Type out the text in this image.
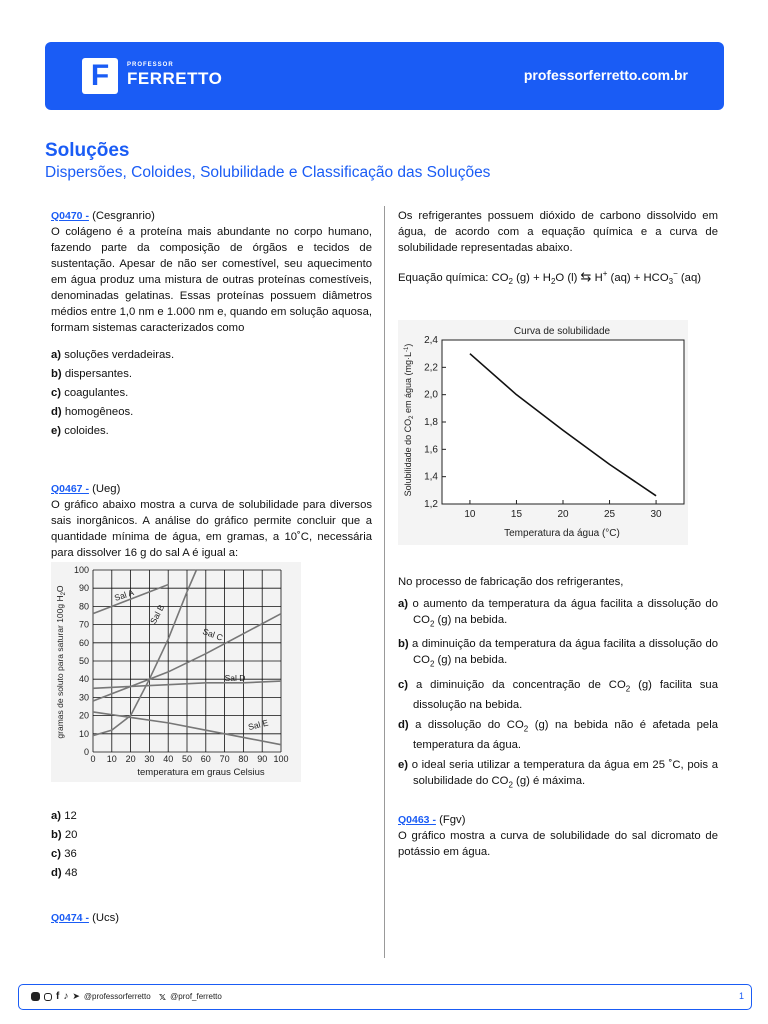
F	PROFESSOR
FERRETTO	professorferretto.com.br
Soluções
Dispersões, Coloides, Solubilidade e Classificação das Soluções
Q0470 - (Cesgranrio)
O colágeno é a proteína mais abundante no corpo humano, fazendo parte da composição de órgãos e tecidos de sustentação. Apesar de não ser comestível, seu aquecimento em água produz uma mistura de outras proteínas comestíveis, denominadas gelatinas. Essas proteínas possuem diâmetros médios entre 1,0 nm e 1.000 nm e, quando em solução aquosa, formam sistemas caracterizados como
a) soluções verdadeiras.
b) dispersantes.
c) coagulantes.
d) homogêneos.
e) coloides.
Q0467 - (Ueg)
O gráfico abaixo mostra a curva de solubilidade para diversos sais inorgânicos. A análise do gráfico permite concluir que a quantidade mínima de água, em gramas, a 10˚C, necessária para dissolver 16 g do sal A é igual a:
0 10 20 30 40 50 60 70 80 90 100
0
10
20
30
40
50
60
70
80
90
100
Sal A
Sal B
Sal C
Sal D
Sal E
temperatura em graus Celsius
gramas de soluto para saturar 100g $H_2O$
a) 12
b) 20
c) 36
d) 48
Q0474 - (Ucs)
Os refrigerantes possuem dióxido de carbono dissolvido em água, de acordo com a equação química e a curva de solubilidade representadas abaixo.
Equação química: $CO_2$ $(g) + H_2O$ (l) ⇆ H+ $(aq) + HCO_3^-$ (aq)
Curva de solubilidade
10	15	20	25	30
1,2
1,4
1,6
1,8
2,0
2,2
2,4
Temperatura da água (°C)
Solubilidade do $CO_2$ em água $(mg\cdot L^{-1})$
No processo de fabricação dos refrigerantes,
a) o aumento da temperatura da água facilita a dissolução do $CO_2$ (g) na bebida.
b) a diminuição da temperatura da água facilita a dissolução do $CO_2$ (g) na bebida.
c) a diminuição da concentração de $CO_2$ (g) facilita sua dissolução na bebida.
d) a dissolução do $CO_2$ (g) na bebida não é afetada pela temperatura da água.
e) o ideal seria utilizar a temperatura da água em 25 ˚C, pois a solubilidade do $CO_2$ (g) é máxima.
Q0463 - (Fgv)
O gráfico mostra a curva de solubilidade do sal dicromato de potássio em água.
f ♪ ➤ @professorferretto 𝕩 @prof_ferretto	1
